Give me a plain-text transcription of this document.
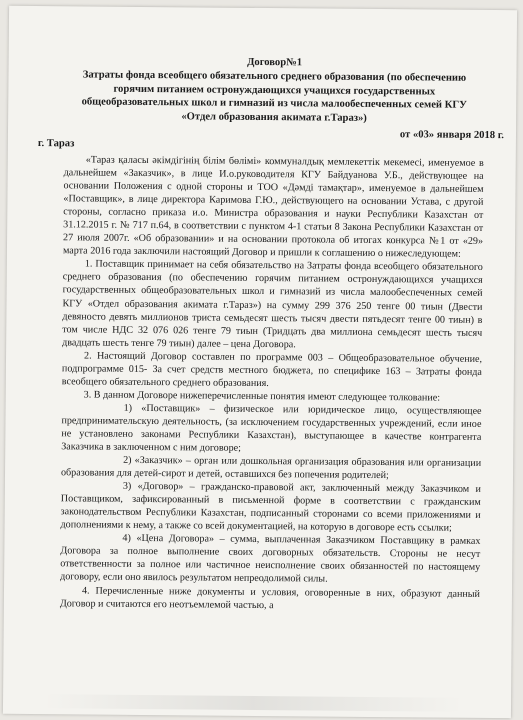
Договор№1
Затраты фонда всеобщего обязательного среднего образования (по обеспечению горячим питанием остронуждающихся учащихся государственных общеобразовательных школ и гимназий из числа малообеспеченных семей КГУ «Отдел образования акимата г.Тараз»)
от «03» января 2018 г.
г. Тараз

«Тараз қаласы әкімдігінің білім бөлімі» коммуналдық мемлекеттік мекемесі, именуемое в дальнейшем «Заказчик», в лице И.о.руководителя КГУ Байдуанова У.Б., действующее на основании Положения с одной стороны и ТОО «Дәмді тамақтар», именуемое в дальнейшем «Поставщик», в лице директора Каримова Г.Ю., действующего на основании Устава, с другой стороны, согласно приказа и.о. Министра образования и науки Республики Казахстан от 31.12.2015 г. № 717 п.64, в соответствии с пунктом 4-1 статьи 8 Закона Республики Казахстан от 27 июля 2007г. «Об образовании» и на основании протокола об итогах конкурса №1 от «29» марта 2016 года заключили настоящий Договор и пришли к соглашению о нижеследующем:

1. Поставщик принимает на себя обязательство на Затраты фонда всеобщего обязательного среднего образования (по обеспечению горячим питанием остронуждающихся учащихся государственных общеобразовательных школ и гимназий из числа малообеспеченных семей КГУ «Отдел образования акимата г.Тараз») на сумму 299 376 250 тенге 00 тиын (Двести девяносто девять миллионов триста семьдесят шесть тысяч двести пятьдесят тенге 00 тиын) в том числе НДС 32 076 026 тенге 79 тиын (Тридцать два миллиона семьдесят шесть тысяч двадцать шесть тенге 79 тиын) далее – цена Договора.

2. Настоящий Договор составлен по программе 003 – Общеобразовательное обучение, подпрограмме 015- За счет средств местного бюджета, по специфике 163 – Затраты фонда всеобщего обязательного среднего образования.

3. В данном Договоре нижеперечисленные понятия имеют следующее толкование:

1) «Поставщик» – физическое или юридическое лицо, осуществляющее предпринимательскую деятельность, (за исключением государственных учреждений, если иное не установлено законами Республики Казахстан), выступающее в качестве контрагента Заказчика в заключенном с ним договоре;

2) «Заказчик» – орган или дошкольная организация образования или организации образования для детей-сирот и детей, оставшихся без попечения родителей;

3) «Договор» – гражданско-правовой акт, заключенный между Заказчиком и Поставщиком, зафиксированный в письменной форме в соответствии с гражданским законодательством Республики Казахстан, подписанный сторонами со всеми приложениями и дополнениями к нему, а также со всей документацией, на которую в договоре есть ссылки;

4) «Цена Договора» – сумма, выплаченная Заказчиком Поставщику в рамках Договора за полное выполнение своих договорных обязательств. Стороны не несут ответственности за полное или частичное неисполнение своих обязанностей по настоящему договору, если оно явилось результатом непреодолимой силы.

4. Перечисленные ниже документы и условия, оговоренные в них, образуют данный Договор и считаются его неотъемлемой частью, а
